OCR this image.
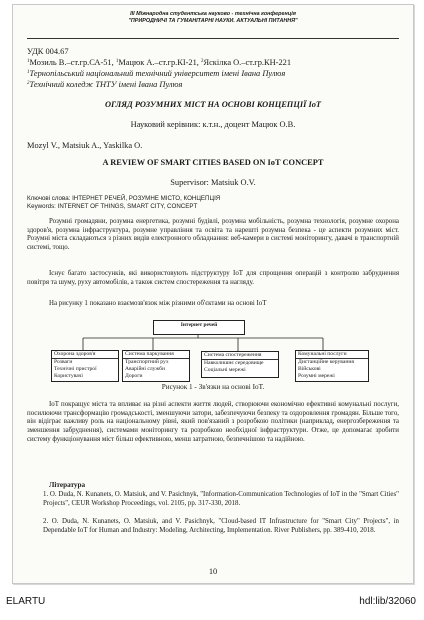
III Міжнародна студентська науково - технічна конференція
"ПРИРОДНИЧІ ТА ГУМАНІТАРНІ НАУКИ. АКТУАЛЬНІ ПИТАННЯ"
УДК 004.67
$^1$Мозиль В.–ст.гр.СА-51, $^1$Мацюк А.–ст.гр.КІ-21, $^2$Яскілка О.–ст.гр.КН-221
$^1$Тернопільський національний технічний університет імені Івана Пулюя
$^2$Технічний коледж ТНТУ імені Івана Пулюя
ОГЛЯД РОЗУМНИХ МІСТ НА ОСНОВІ КОНЦЕПЦІЇ IoT
Науковий керівник: к.т.н., доцент Мацюк О.В.
Mozyl V., Matsiuk A., Yaskilka O.
A REVIEW OF SMART CITIES BASED ON IoT CONCEPT
Supervisor: Matsiuk O.V.
Ключові слова: ІНТЕРНЕТ РЕЧЕЙ, РОЗУМНЕ МІСТО, КОНЦЕПЦІЯ
Keywords: INTERNET OF THINGS, SMART CITY, CONCEPT
Розумні громадяни, розумна енергетика, розумні будівлі, розумна мобільність, розумна технологія, розумне охорона здоров'я, розумна інфраструктура, розумне управління та освіта та нарешті розумна безпека - це аспекти розумних міст. Розумні міста складаються з різних видів електронного обладнання: веб-камери в системі моніторингу, давачі в транспортній системі, тощо.
Існує багато застосунків, які використовують підструктуру IoT для спрощення операцій з контролю забруднення повітря та шуму, руху автомобілів, а також систем спостереження та нагляду.
На рисунку 1 показано взаємозв'язок між різними об'єктами на основі IoT
Інтернет речей
Охорона здоров'я
Розваги
Технічні пристрої
Користувачі
Система паркування
Транспортний рух
Аварійні служби
Дороги
Система спостереження
Навколишнє середовище
Соціальні мережі
Комунальні послуги
Дистанційне керування
Військові
Розумні мережі
Рисунок 1 - Зв'язки на основі IoT.
IoT покращує міста та впливає на різні аспекти життя людей, створюючи економічно ефективні комунальні послуги, посилюючи трансформацію громадськості, зменшуючи затори, забезпечуючи безпеку та оздоровлення громадян. Більше того, він відіграє важливу роль на національному рівні, який пов'язаний з розробкою політики (наприклад, енергозбереження та зменшення забруднення), системами моніторингу та розробкою необхідної інфраструктури. Отже, це допомагає зробити систему функціонування міст більш ефективною, менш затратною, безпечнішою та надійною.
Література
1. O. Duda, N. Kunanets, O. Matsiuk, and V. Pasichnyk, "Information-Communication Technologies of IoT in the "Smart Cities" Projects", CEUR Workshop Proceedings, vol. 2105, pp. 317-330, 2018.
2. O. Duda, N. Kunanets, O. Matsiuk, and V. Pasichnyk, "Cloud-based IT Infrastructure for "Smart City" Projects", in Dependable IoT for Human and Industry: Modeling, Architecting, Implementation. River Publishers, pp. 389-410, 2018.
10
ELARTU	hdl:lib/32060
